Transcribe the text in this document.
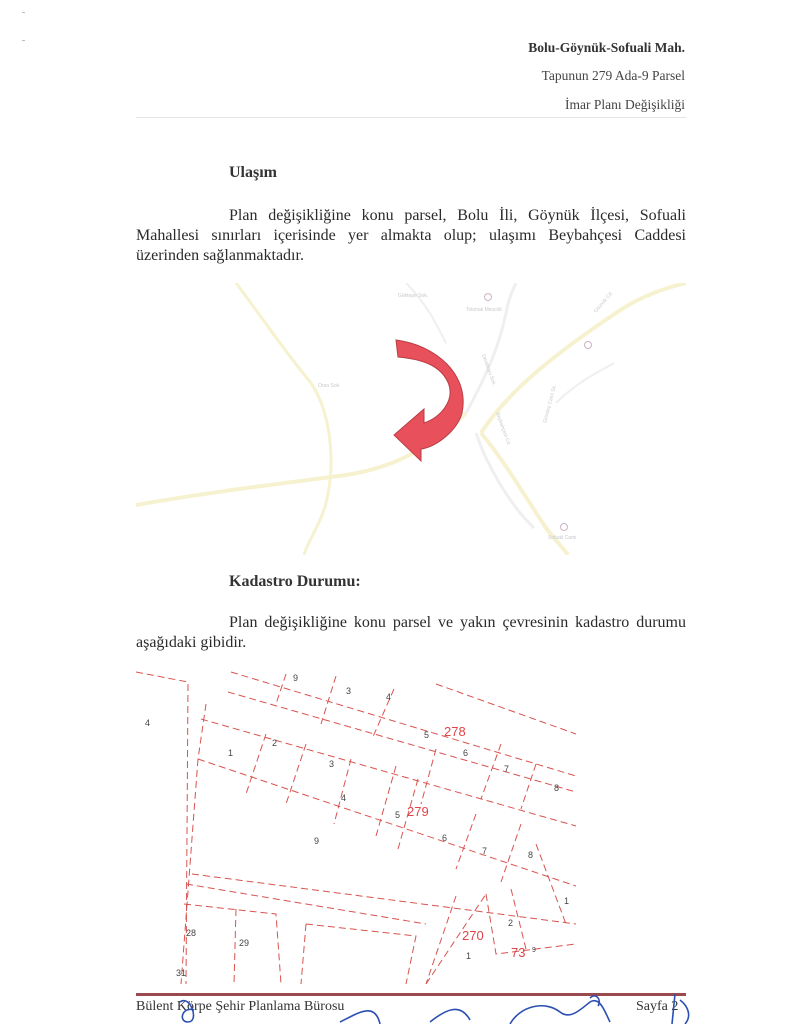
Bolu-Göynük-Sofuali Mah.
Tapunun 279 Ada-9 Parsel
İmar Planı Değişikliği
Ulaşım

Plan değişikliğine konu parsel, Bolu İli, Göynük İlçesi, Sofuali Mahallesi sınırları içerisinde yer almakta olup; ulaşımı Beybahçesi Caddesi üzerinden sağlanmaktadır.

Göktepe Sok.
Tokmak Mescidi	Göynük Cd.
Oran Sok.
Beybahçesi Cd.
Dereboyu Sok.
Gündeş Cami Sk.
Sofuali Cami
Kadastro Durumu:

Plan değişikliğine konu parsel ve yakın çevresinin kadastro durumu aşağıdaki gibidir.

9
3
4
4
5
1
2
6
7
3
8
4
5
6
9
7	8
1
2
28
29
1
31
9
278
279
270
73
Bülent Körpe Şehir Planlama Bürosu	Sayfa 2
